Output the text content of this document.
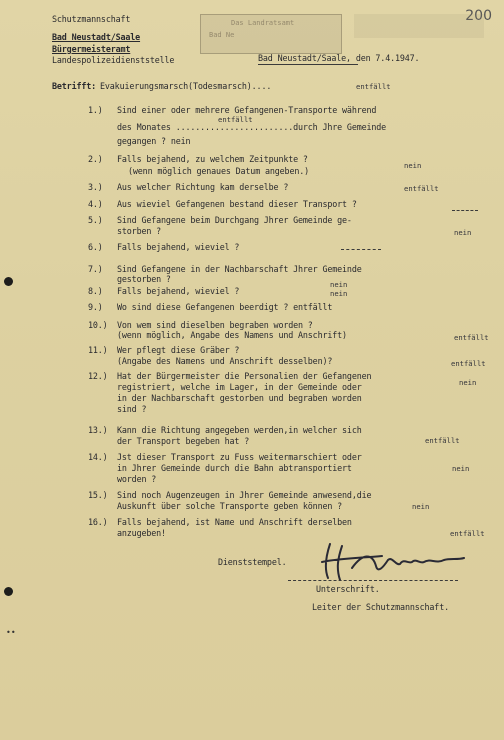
200
Das Landratsamt
Bad Ne
Schutzmannschaft
Bad Neustadt/Saale
Bürgermeisteramt
Landespolizeidienststelle	Bad Neustadt/Saale, den 7.4.1947.
Betrifft: Evakuierungsmarsch(Todesmarsch)....	entfällt
1.) Sind einer oder mehrere Gefangenen-Transporte während
des Monates ........................durch Jhre Gemeinde
entfällt
gegangen ? nein
2.) Falls bejahend, zu welchem Zeitpunkte ?
(wenn möglich genaues Datum angeben.)
nein
3.) Aus welcher Richtung kam derselbe ?	entfällt
4.) Aus wieviel Gefangenen bestand dieser Transport ?
5.) Sind Gefangene beim Durchgang Jhrer Gemeinde ge-
storben ?	nein
6.) Falls bejahend, wieviel ?
7.) Sind Gefangene in der Nachbarschaft Jhrer Gemeinde
gestorben ?
nein
8.) Falls bejahend, wieviel ?	nein
9.) Wo sind diese Gefangenen beerdigt ? entfällt
10.) Von wem sind dieselben begraben worden ?
(wenn möglich, Angabe des Namens und Anschrift)	entfällt
11.) Wer pflegt diese Gräber ?
(Angabe des Namens und Anschrift desselben)?	entfällt
12.) Hat der Bürgermeister die Personalien der Gefangenen
registriert, welche im Lager, in der Gemeinde oder
in der Nachbarschaft gestorben und begraben worden
sind ?
nein
13.) Kann die Richtung angegeben werden,in welcher sich
der Transport begeben hat ?	entfällt
14.) Jst dieser Transport zu Fuss weitermarschiert oder
in Jhrer Gemeinde durch die Bahn abtransportiert
worden ?
nein
15.) Sind noch Augenzeugen in Jhrer Gemeinde anwesend,die
Auskunft über solche Transporte geben können ?	nein
16.) Falls bejahend, ist Name und Anschrift derselben
anzugeben!	entfällt
Dienststempel.
Unterschrift.
Leiter der Schutzmannschaft.
••
